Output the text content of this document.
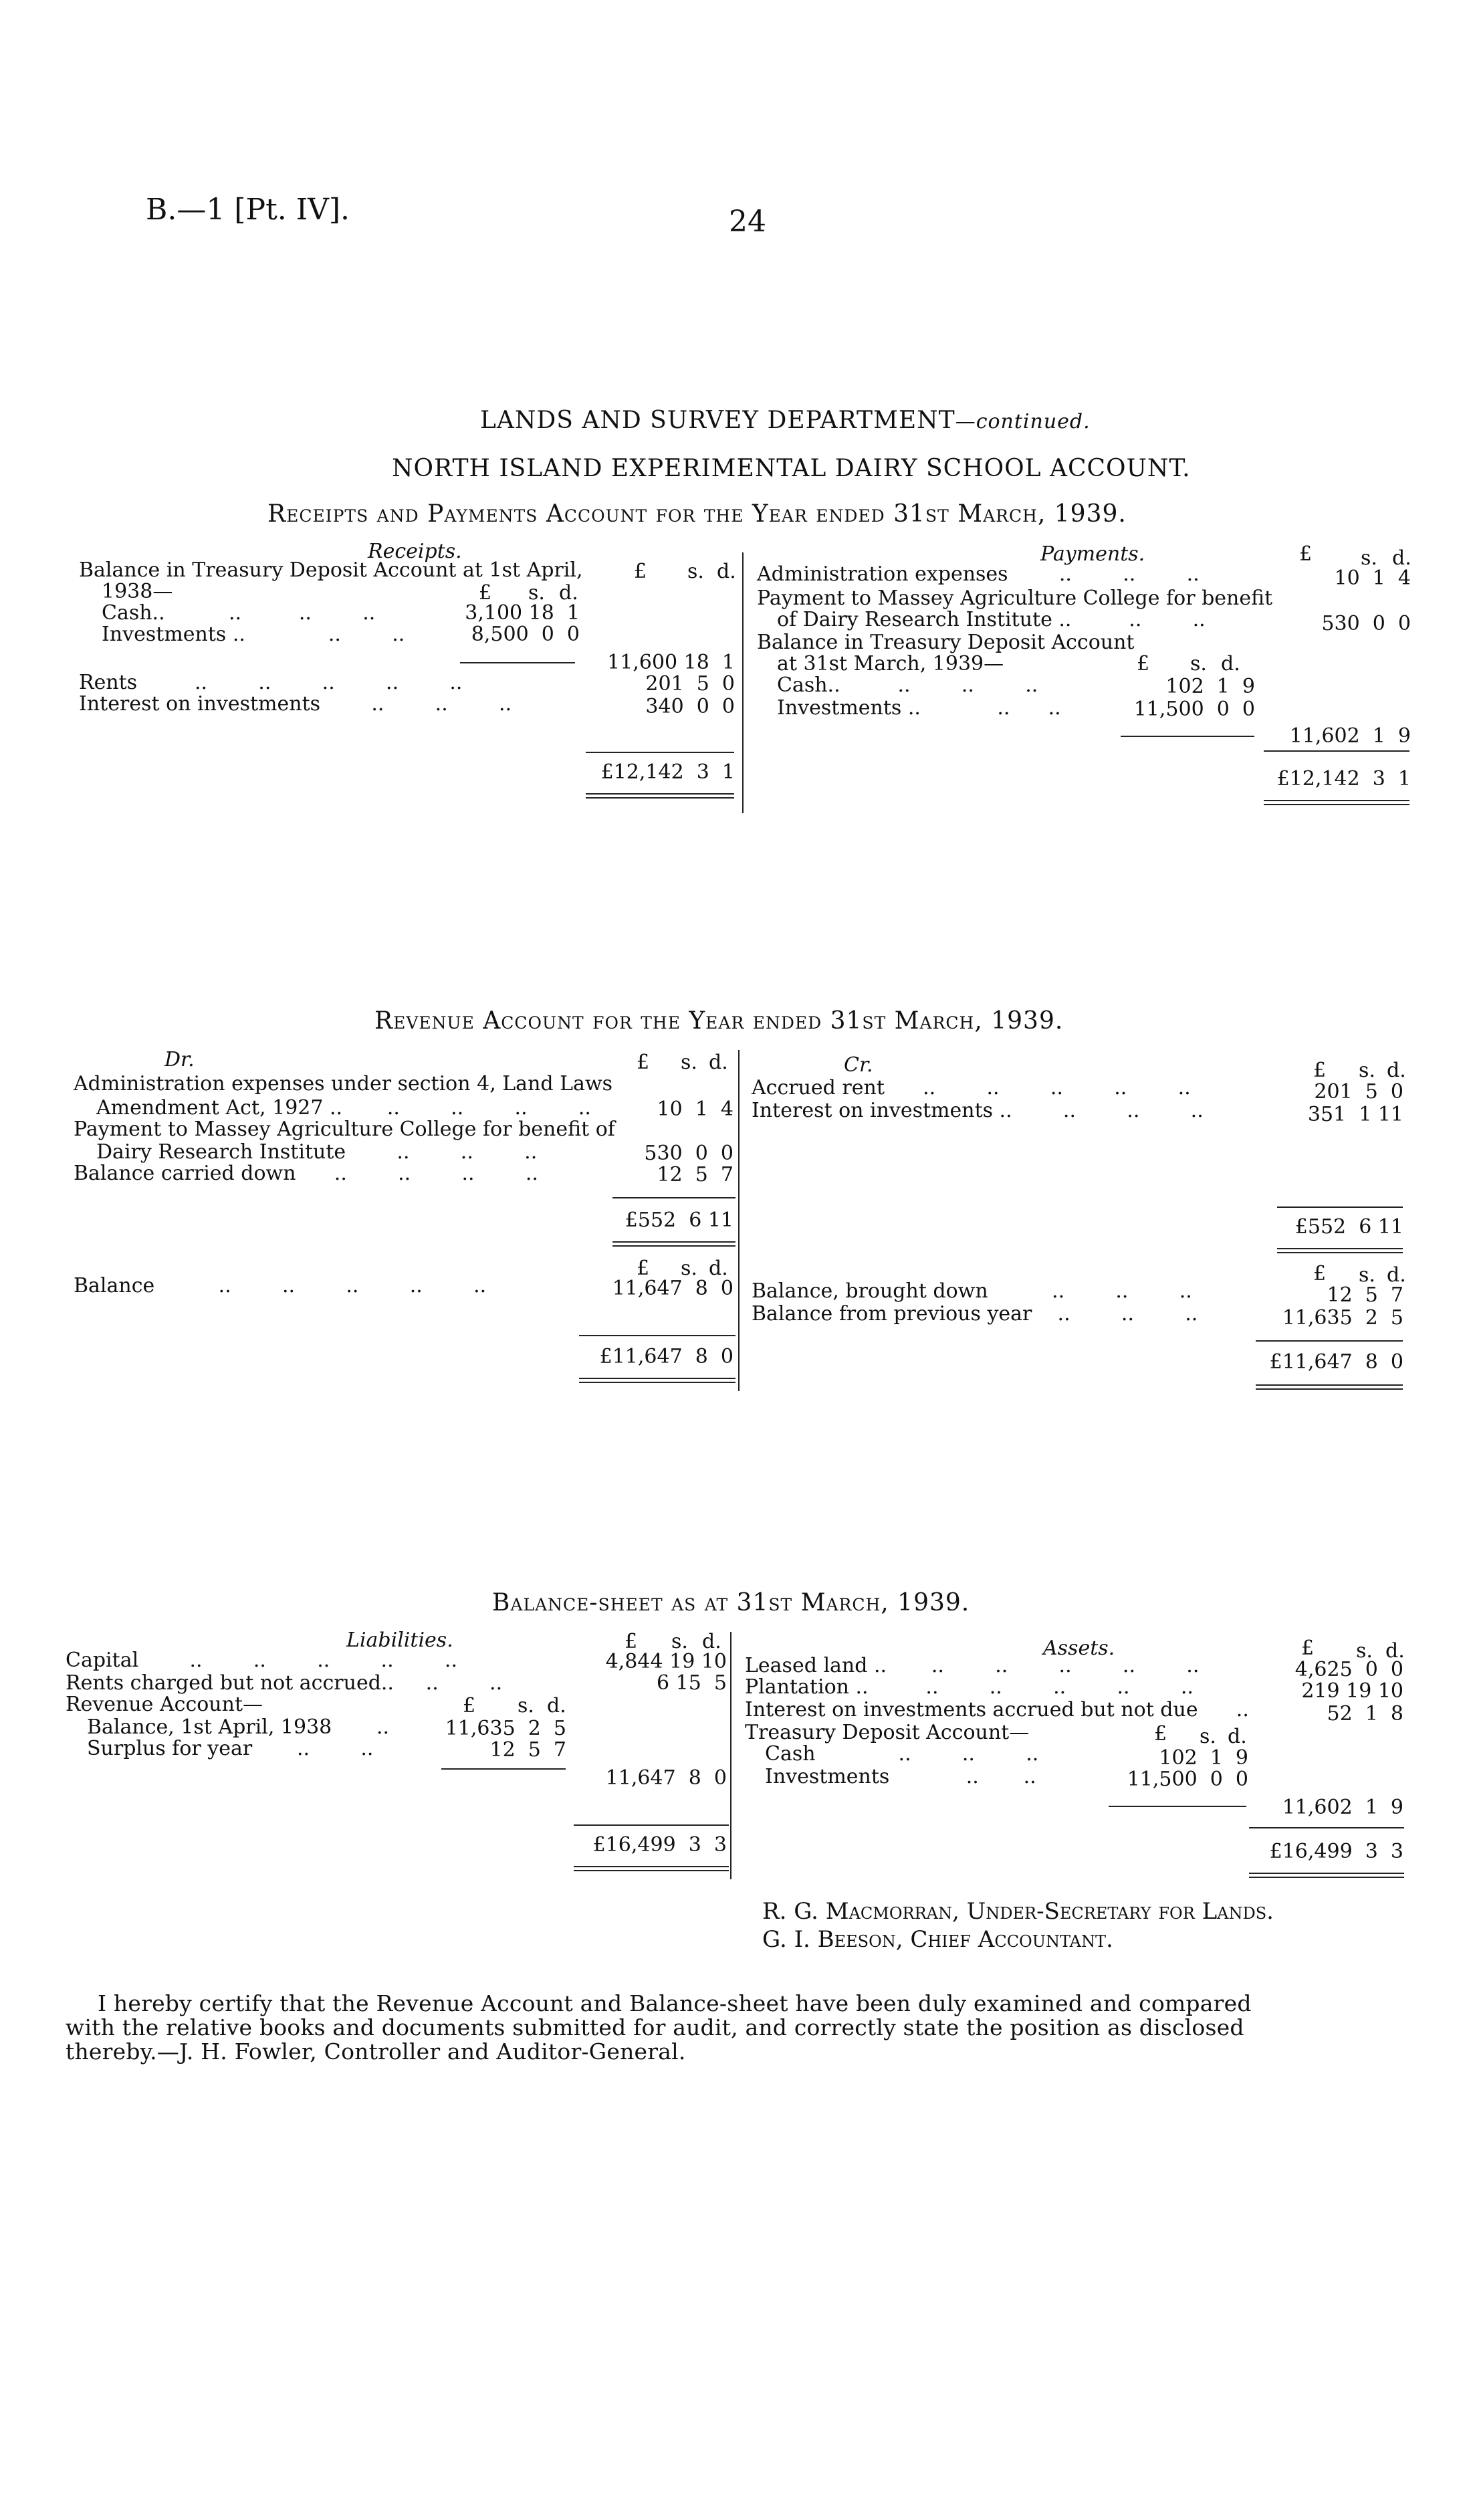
B.—1 [Pt. IV].	24
LANDS AND SURVEY DEPARTMENT—continued.
NORTH ISLAND EXPERIMENTAL DAIRY SCHOOL ACCOUNT.
Receipts and Payments Account for the Year ended 31st March, 1939.
Receipts.	Payments.
£ s. d.
£ s. d.
Balance in Treasury Deposit Account at 1st April,
1938—	£ s. d.
Cash..          ..         ..        ..	3,100 18  1
Investments ..             ..        ..	8,500  0  0
11,600 18  1
Rents         ..        ..        ..        ..        ..	201  5  0
Interest on investments        ..        ..        ..	340  0  0
£12,142  3  1
Administration expenses        ..        ..        ..	10  1  4
Payment to Massey Agriculture College for benefit
of Dairy Research Institute ..         ..        ..	530  0  0
Balance in Treasury Deposit Account
at 31st March, 1939—	£ s. d.
Cash..         ..        ..        ..	102  1  9
Investments ..            ..      ..	11,500  0  0
11,602  1  9
£12,142  3  1
Revenue Account for the Year ended 31st March, 1939.
Dr.	£ s. d.	Cr.	£ s. d.
Administration expenses under section 4, Land Laws
Amendment Act, 1927 ..       ..        ..        ..        ..	10  1  4
Payment to Massey Agriculture College for benefit of
Dairy Research Institute        ..        ..        ..	530  0  0
Balance carried down      ..        ..        ..        ..	12  5  7
£552  6 11
Accrued rent      ..        ..        ..        ..        ..	201  5  0
Interest on investments ..        ..        ..        ..	351  1 11
£552  6 11
£ s. d.
Balance          ..        ..        ..        ..        ..	11,647  8  0
£11,647  8  0
£ s. d.
Balance, brought down          ..        ..        ..	12  5  7
Balance from previous year    ..        ..        ..	11,635  2  5
£11,647  8  0
Balance-sheet as at 31st March, 1939.
Liabilities.	£ s. d.	Assets.	£ s. d.
Capital        ..        ..        ..        ..        ..	4,844 19 10
Rents charged but not accrued..     ..        ..	6 15  5
Revenue Account—	£ s. d.
Balance, 1st April, 1938       ..	11,635  2  5
Surplus for year       ..        ..	12  5  7
11,647  8  0
£16,499  3  3
Leased land ..       ..        ..        ..        ..        ..	4,625  0  0
Plantation ..         ..        ..        ..        ..        ..	219 19 10
Interest on investments accrued but not due      ..	52  1  8
Treasury Deposit Account—	£ s. d.
Cash             ..        ..        ..	102  1  9
Investments            ..       ..	11,500  0  0
11,602  1  9
£16,499  3  3
R. G. Macmorran, Under-Secretary for Lands.
G. I. Beeson, Chief Accountant.
I hereby certify that the Revenue Account and Balance-sheet have been duly examined and compared
with the relative books and documents submitted for audit, and correctly state the position as disclosed
thereby.—J. H. Fowler, Controller and Auditor-General.
